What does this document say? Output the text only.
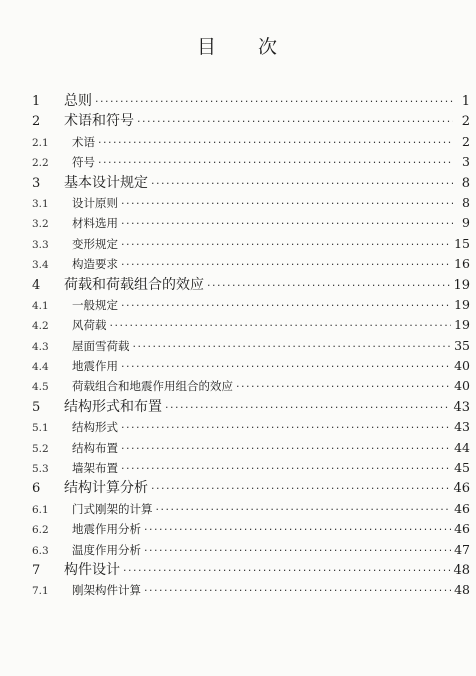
目 次
1	总则 ·····	1
2	术语和符号 ·····	2
2.1	术语 ·····	2
2.2	符号 ·····	3
3	基本设计规定 ·····	8
3.1	设计原则 ·····	8
3.2	材料选用 ·····	9
3.3	变形规定 ·····	15
3.4	构造要求 ·····	16
4	荷载和荷载组合的效应 ·····	19
4.1	一般规定 ·····	19
4.2	风荷载 ·····	19
4.3	屋面雪荷载 ·····	35
4.4	地震作用 ·····	40
4.5	荷载组合和地震作用组合的效应 ·····	40
5	结构形式和布置 ·····	43
5.1	结构形式 ·····	43
5.2	结构布置 ·····	44
5.3	墙架布置 ·····	45
6	结构计算分析 ·····	46
6.1	门式刚架的计算 ·····	46
6.2	地震作用分析 ·····	46
6.3	温度作用分析 ·····	47
7	构件设计 ·····	48
7.1	刚架构件计算 ·····	48
